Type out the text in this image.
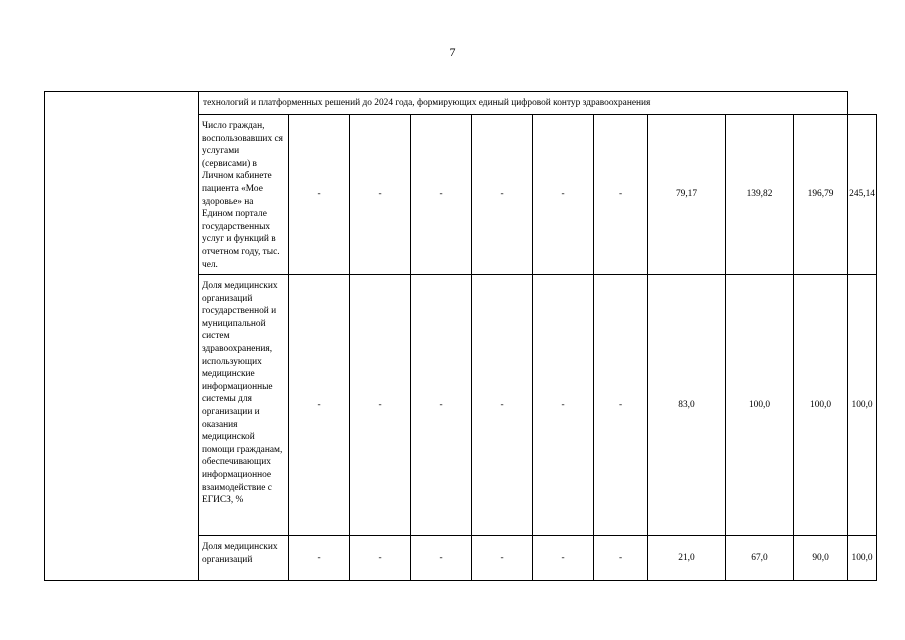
7
	технологий и платформенных решений до 2024 года, формирующих единый цифровой контур здравоохранения										
	Число граждан, воспользовавших ся услугами (сервисами) в Личном кабинете пациента «Мое здоровье» на Едином портале государственных услуг и функций в отчетном году, тыс. чел.	-	-	-	-	-	-	79,17	139,82	196,79	245,14
	Доля медицинских организаций государственной и муниципальной систем здравоохранения, использующих медицинские информационные системы для организации и оказания медицинской помощи гражданам, обеспечивающих информационное взаимодействие с ЕГИСЗ, %	-	-	-	-	-	-	83,0	100,0	100,0	100,0
	Доля медицинских организаций	-	-	-	-	-	-	21,0	67,0	90,0	100,0
